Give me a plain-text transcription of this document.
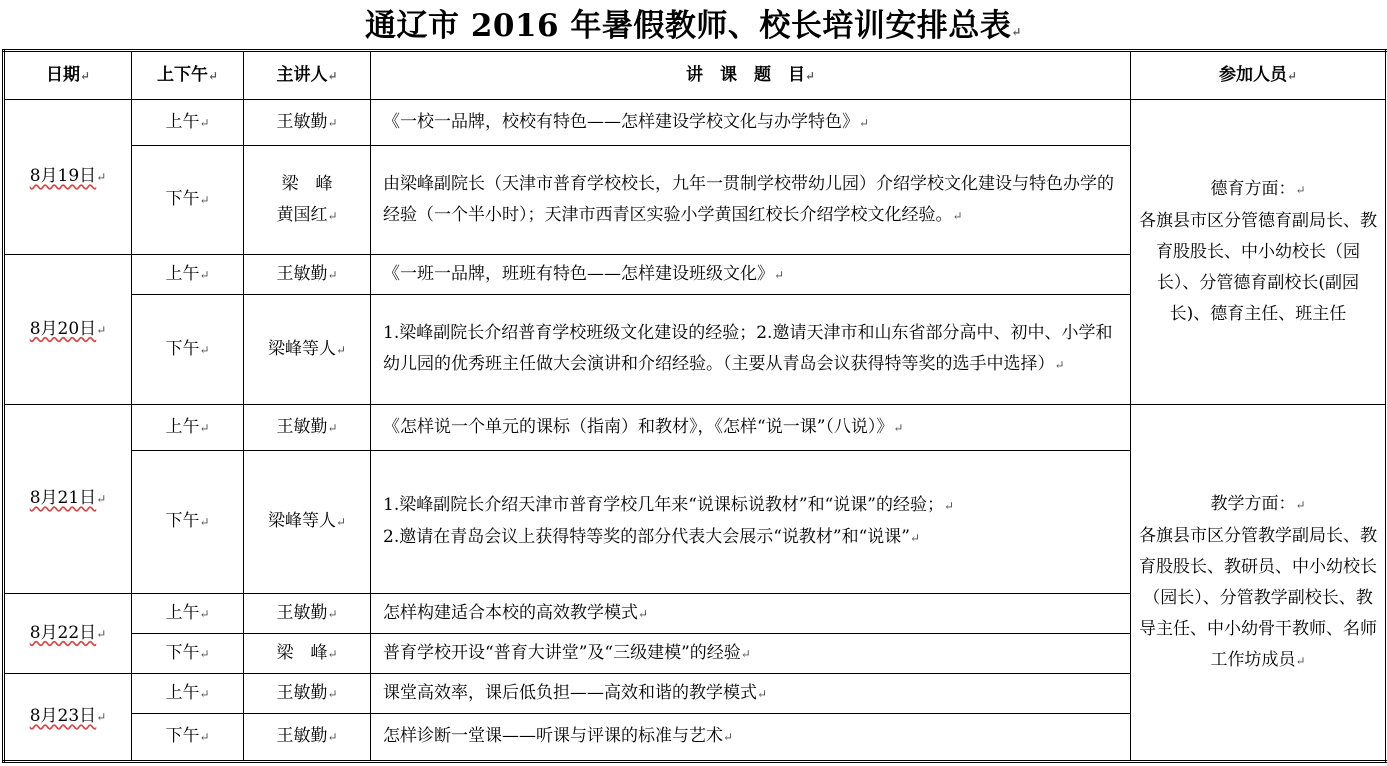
通辽市 2016 年暑假教师、校长培训安排总表↵
日期↵	上下午↵	主讲人↵	讲　课　题　目↵	参加人员↵
8月19日↵	上午↵	王敏勤↵	《一校一品牌，校校有特色——怎样建设学校文化与办学特色》↵	德育方面：↵
各旗县市区分管德育副局长、教育股股长、中小幼校长（园长）、分管德育副校长(副园长)、德育主任、班主任

	下午↵	梁　峰
黄国红↵	由梁峰副院长（天津市普育学校校长，九年一贯制学校带幼儿园）介绍学校文化建设与特色办学的经验（一个半小时）；天津市西青区实验小学黄国红校长介绍学校文化经验。↵	
8月20日↵	上午↵	王敏勤↵	《一班一品牌，班班有特色——怎样建设班级文化》↵	
	下午↵	梁峰等人↵	1.梁峰副院长介绍普育学校班级文化建设的经验；2.邀请天津市和山东省部分高中、初中、小学和幼儿园的优秀班主任做大会演讲和介绍经验。（主要从青岛会议获得特等奖的选手中选择）↵	
8月21日↵	上午↵	王敏勤↵	《怎样说一个单元的课标（指南）和教材》，《怎样“说一课”（八说）》↵	教学方面：↵
各旗县市区分管教学副局长、教育股股长、教研员、中小幼校长（园长）、分管教学副校长、教导主任、中小幼骨干教师、名师工作坊成员↵

	下午↵	梁峰等人↵	1.梁峰副院长介绍天津市普育学校几年来“说课标说教材”和“说课”的经验；↵
2.邀请在青岛会议上获得特等奖的部分代表大会展示“说教材”和“说课”↵	

8月22日↵	上午↵	王敏勤↵	怎样构建适合本校的高效教学模式↵	
	下午↵	梁　峰↵	普育学校开设“普育大讲堂”及“三级建模”的经验↵	
8月23日↵	上午↵	王敏勤↵	课堂高效率，课后低负担——高效和谐的教学模式↵	
	下午↵	王敏勤↵	怎样诊断一堂课——听课与评课的标准与艺术↵	
